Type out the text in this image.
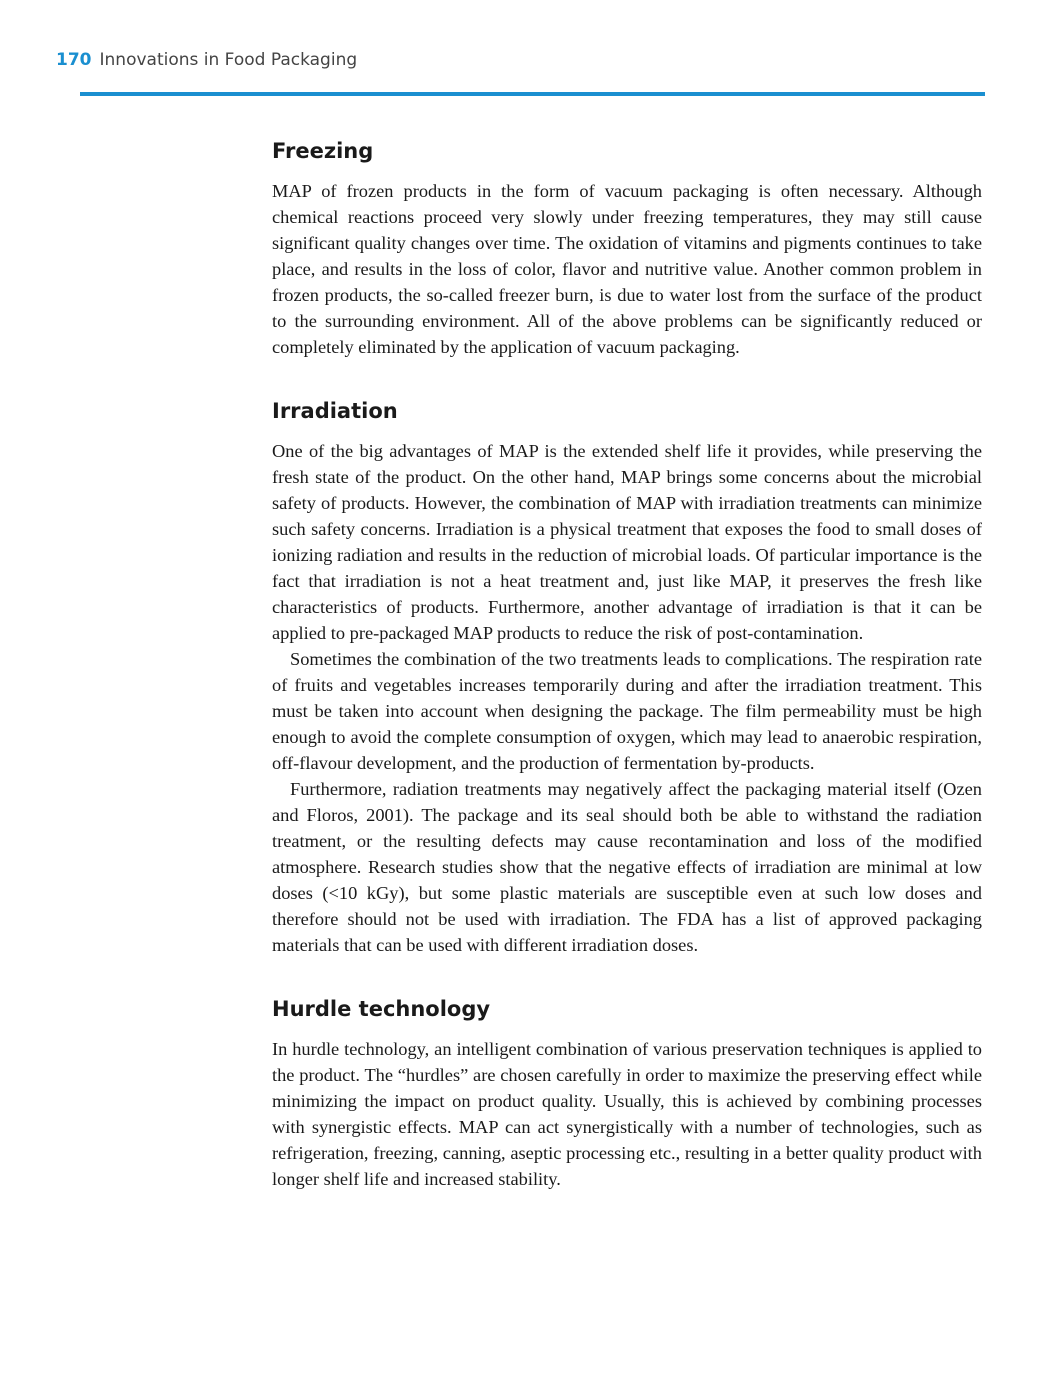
170 Innovations in Food Packaging
Freezing

MAP of frozen products in the form of vacuum packaging is often necessary. Although chemical reactions proceed very slowly under freezing temperatures, they may still cause significant quality changes over time. The oxidation of vitamins and pigments continues to take place, and results in the loss of color, flavor and nutritive value. Another common problem in frozen products, the so-called freezer burn, is due to water lost from the surface of the product to the surrounding environment. All of the above problems can be significantly reduced or completely eliminated by the application of vacuum packaging.

Irradiation

One of the big advantages of MAP is the extended shelf life it provides, while preserving the fresh state of the product. On the other hand, MAP brings some concerns about the microbial safety of products. However, the combination of MAP with irradiation treatments can minimize such safety concerns. Irradiation is a physical treatment that exposes the food to small doses of ionizing radiation and results in the reduction of microbial loads. Of particular importance is the fact that irradiation is not a heat treatment and, just like MAP, it preserves the fresh like characteristics of products. Furthermore, another advantage of irradiation is that it can be applied to pre-packaged MAP products to reduce the risk of post-contamination.

Sometimes the combination of the two treatments leads to complications. The respiration rate of fruits and vegetables increases temporarily during and after the irradiation treatment. This must be taken into account when designing the package. The film permeability must be high enough to avoid the complete consumption of oxygen, which may lead to anaerobic respiration, off-flavour development, and the production of fermentation by-products.

Furthermore, radiation treatments may negatively affect the packaging material itself (Ozen and Floros, 2001). The package and its seal should both be able to withstand the radiation treatment, or the resulting defects may cause recontamination and loss of the modified atmosphere. Research studies show that the negative effects of irradiation are minimal at low doses (<10 kGy), but some plastic materials are susceptible even at such low doses and therefore should not be used with irradiation. The FDA has a list of approved packaging materials that can be used with different irradiation doses.

Hurdle technology

In hurdle technology, an intelligent combination of various preservation techniques is applied to the product. The “hurdles” are chosen carefully in order to maximize the preserving effect while minimizing the impact on product quality. Usually, this is achieved by combining processes with synergistic effects. MAP can act synergistically with a number of technologies, such as refrigeration, freezing, canning, aseptic processing etc., resulting in a better quality product with longer shelf life and increased stability.
